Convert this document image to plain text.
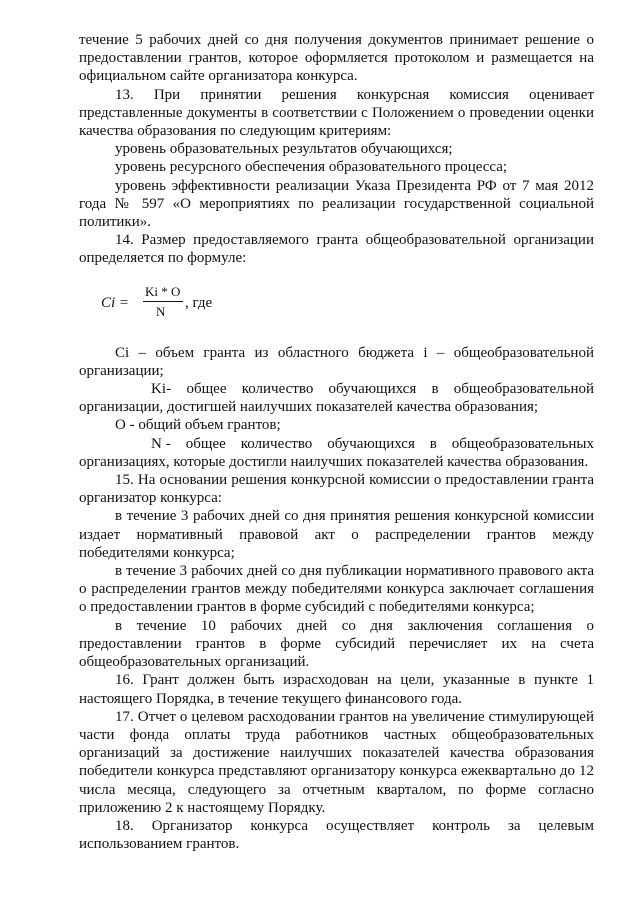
течение 5 рабочих дней со дня получения документов принимает решение о предоставлении грантов, которое оформляется протоколом и размещается на официальном сайте организатора конкурса.

13. При принятии решения конкурсная комиссия оценивает представленные документы в соответствии с Положением о проведении оценки качества образования по следующим критериям:

уровень образовательных результатов обучающихся;

уровень ресурсного обеспечения образовательного процесса;

уровень эффективности реализации Указа Президента РФ от 7 мая 2012 года № 597 «О мероприятиях по реализации государственной социальной политики».

14. Размер предоставляемого гранта общеобразовательной организации определяется по формуле:

Ci =
Ki * O
N
, где

Ci – объем гранта из областного бюджета i – общеобразовательной организации;

Ki - общее количество обучающихся в общеобразовательной организации, достигшей наилучших показателей качества образования;

О - общий объем грантов;

N - общее количество обучающихся в общеобразовательных организациях, которые достигли наилучших показателей качества образования.

15. На основании решения конкурсной комиссии о предоставлении гранта организатор конкурса:

в течение 3 рабочих дней со дня принятия решения конкурсной комиссии издает нормативный правовой акт о распределении грантов между победителями конкурса;

в течение 3 рабочих дней со дня публикации нормативного правового акта о распределении грантов между победителями конкурса заключает соглашения о предоставлении грантов в форме субсидий с победителями конкурса;

в течение 10 рабочих дней со дня заключения соглашения о предоставлении грантов в форме субсидий перечисляет их на счета общеобразовательных организаций.

16. Грант должен быть израсходован на цели, указанные в пункте 1 настоящего Порядка, в течение текущего финансового года.

17. Отчет о целевом расходовании грантов на увеличение стимулирующей части фонда оплаты труда работников частных общеобразовательных организаций за достижение наилучших показателей качества образования победители конкурса представляют организатору конкурса ежеквартально до 12 числа месяца, следующего за отчетным кварталом, по форме согласно приложению 2 к настоящему Порядку.

18. Организатор конкурса осуществляет контроль за целевым использованием грантов.
